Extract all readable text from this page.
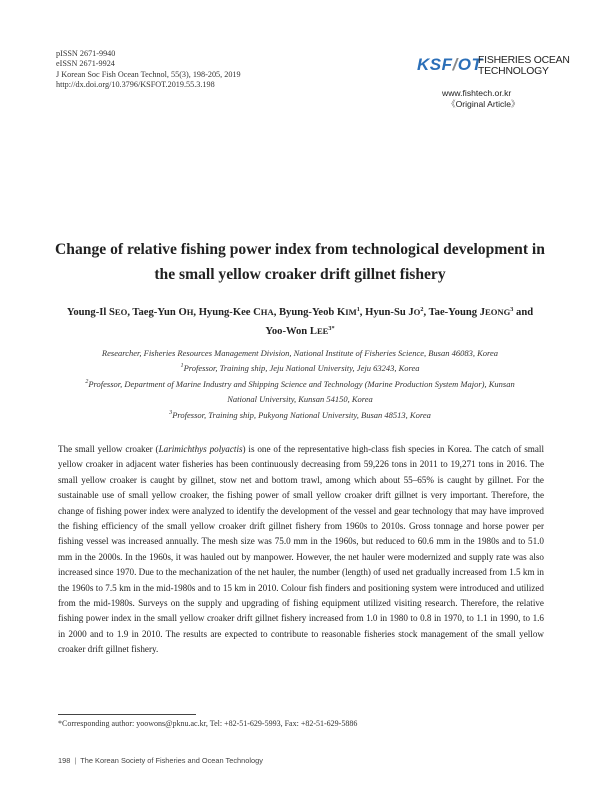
pISSN 2671-9940
eISSN 2671-9924
J Korean Soc Fish Ocean Technol, 55(3), 198-205, 2019
http://dx.doi.org/10.3796/KSFOT.2019.55.3.198
KSF/OT
FISHERIES OCEAN
TECHNOLOGY
www.fishtech.or.kr
《Original Article》
Change of relative fishing power index from technological development in
the small yellow croaker drift gillnet fishery
Young-Il SEO, Taeg-Yun OH, Hyung-Kee CHA, Byung-Yeob KIM$^1$, Hyun-Su $JO^2$, Tae-Young JEONG$^3$ and
Yoo-Won $LEE^{3*}$
Researcher, Fisheries Resources Management Division, National Institute of Fisheries Science, Busan 46083, Korea
$^1$Professor, Training ship, Jeju National University, Jeju 63243, Korea
$^2$Professor, Department of Marine Industry and Shipping Science and Technology (Marine Production System Major), Kunsan
National University, Kunsan 54150, Korea
$^3$Professor, Training ship, Pukyong National University, Busan 48513, Korea
The small yellow croaker (Larimichthys polyactis) is one of the representative high-class fish species in Korea. The catch of small yellow croaker in adjacent water fisheries has been continuously decreasing from 59,226 tons in 2011 to 19,271 tons in 2016. The small yellow croaker is caught by gillnet, stow net and bottom trawl, among which about 55–65% is caught by gillnet. For the sustainable use of small yellow croaker, the fishing power of small yellow croaker drift gillnet is very important. Therefore, the change of fishing power index were analyzed to identify the development of the vessel and gear technology that may have improved the fishing efficiency of the small yellow croaker drift gillnet fishery from 1960s to 2010s. Gross tonnage and horse power per fishing vessel was increased annually. The mesh size was 75.0 mm in the 1960s, but reduced to 60.6 mm in the 1980s and to 51.0 mm in the 2000s. In the 1960s, it was hauled out by manpower. However, the net hauler were modernized and supply rate was also increased since 1970. Due to the mechanization of the net hauler, the number (length) of used net gradually increased from 1.5 km in the 1960s to 7.5 km in the mid-1980s and to 15 km in 2010. Colour fish finders and positioning system were introduced and utilized from the mid-1980s. Surveys on the supply and upgrading of fishing equipment utilized visiting research. Therefore, the relative fishing power index in the small yellow croaker drift gillnet fishery increased from 1.0 in 1980 to 0.8 in 1970, to 1.1 in 1990, to 1.6 in 2000 and to 1.9 in 2010. The results are expected to contribute to reasonable fisheries stock management of the small yellow croaker drift gillnet fishery.
*Corresponding author: yoowons@pknu.ac.kr, Tel: +82-51-629-5993, Fax: +82-51-629-5886
198 | The Korean Society of Fisheries and Ocean Technology
